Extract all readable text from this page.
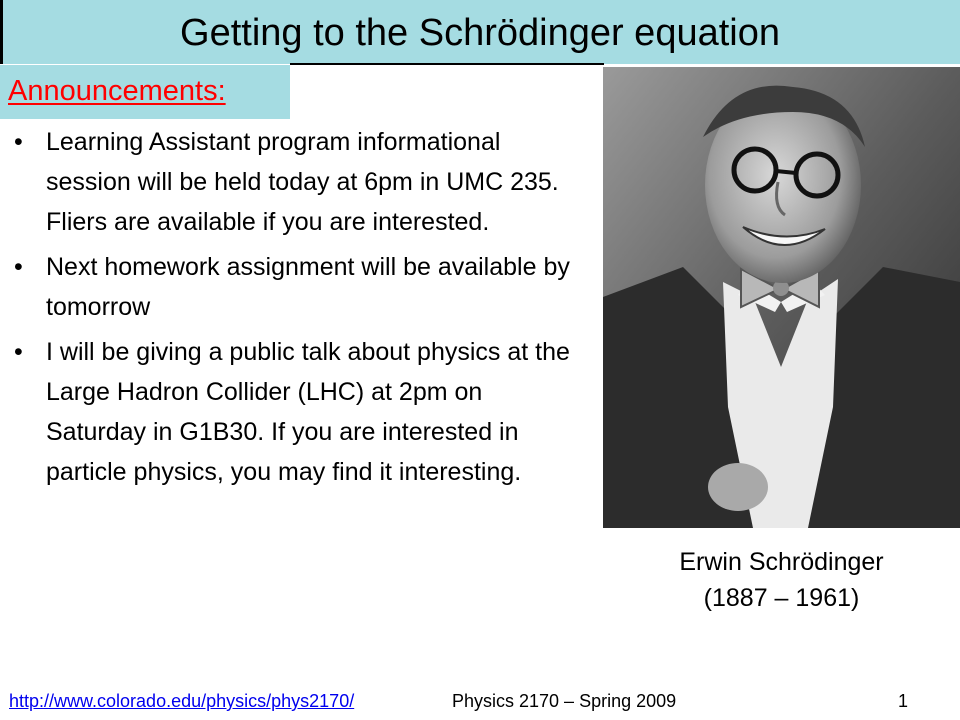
Getting to the Schrödinger equation
Announcements:
• Learning Assistant program informational session will be held today at 6pm in UMC 235. Fliers are available if you are interested.
• Next homework assignment will be available by tomorrow
• I will be giving a public talk about physics at the Large Hadron Collider (LHC) at 2pm on Saturday in G1B30. If you are interested in particle physics, you may find it interesting.
Erwin Schrödinger
(1887 – 1961)
http://www.colorado.edu/physics/phys2170/	Physics 2170 – Spring 2009	1
